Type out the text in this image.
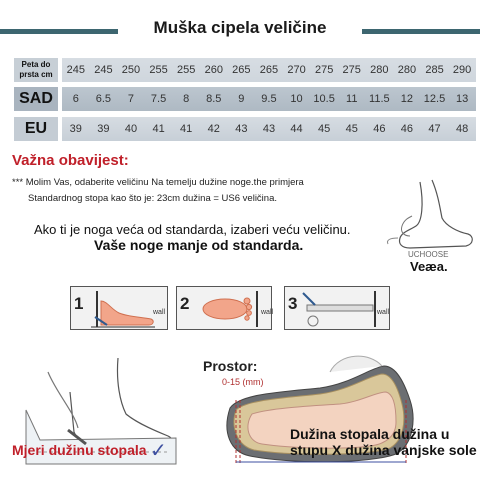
Muška cipela veličine
Peta do
prsta cm	245 245 250 255 255 260 265 265 270 275 275 280 280 285 290
SAD	6	6.5	7	7.5	8	8.5	9	9.5	10 10.5	11	11.5	12 12.5 13
EU	39	39	40	41	41	42	43	43	44	45	45	46	46	47	48
Važna obavijest:
*** Molim Vas, odaberite veličinu Na temelju dužine noge.the primjera
Standardnog stopa kao što je: 23cm dužina = US6 veličina.
Ako ti je noga veća od standarda, izaberi veću veličinu.
Vaše noge manje od standarda.
UCHOOSE
Veæa.
1	wall 2	wall 3	wall
Mjeri dužinu stopala ✓
Prostor:
0-15 (mm)
Dužina stopala dužina u stupu X dužina vanjske sole
